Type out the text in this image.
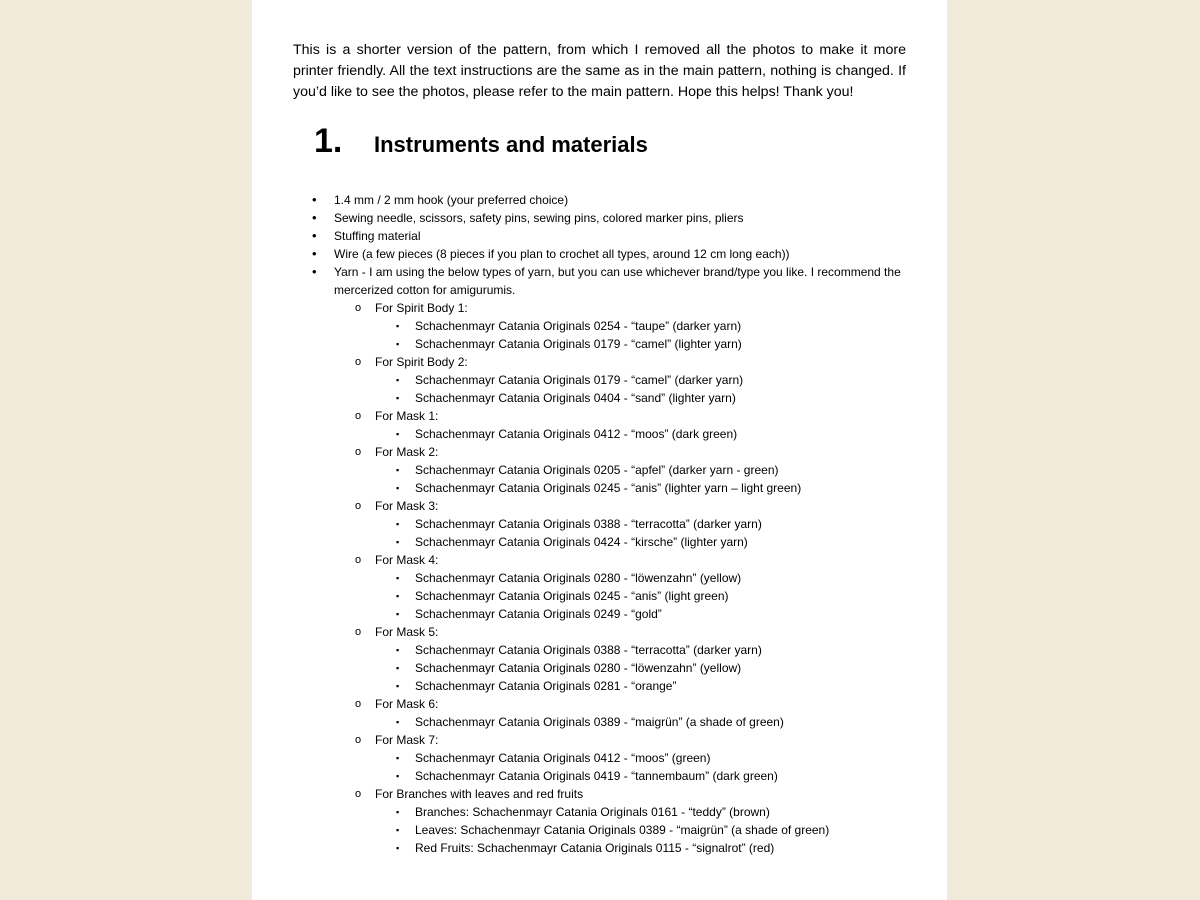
This is a shorter version of the pattern, from which I removed all the photos to make it more printer friendly. All the text instructions are the same as in the main pattern, nothing is changed. If you’d like to see the photos, please refer to the main pattern. Hope this helps! Thank you!

1.	Instruments and materials
• 1.4 mm / 2 mm hook (your preferred choice)
• Sewing needle, scissors, safety pins, sewing pins, colored marker pins, pliers
• Stuffing material
• Wire (a few pieces (8 pieces if you plan to crochet all types, around 12 cm long each))
• Yarn - I am using the below types of yarn, but you can use whichever brand/type you like. I recommend the mercerized cotton for amigurumis.
o For Spirit Body 1:
▪ Schachenmayr Catania Originals 0254 - “taupe” (darker yarn)
▪ Schachenmayr Catania Originals 0179 - “camel” (lighter yarn)
o For Spirit Body 2:
▪ Schachenmayr Catania Originals 0179 - “camel” (darker yarn)
▪ Schachenmayr Catania Originals 0404 - “sand” (lighter yarn)
o For Mask 1:
▪ Schachenmayr Catania Originals 0412 - “moos” (dark green)
o For Mask 2:
▪ Schachenmayr Catania Originals 0205 - “apfel” (darker yarn - green)
▪ Schachenmayr Catania Originals 0245 - “anis” (lighter yarn – light green)
o For Mask 3:
▪ Schachenmayr Catania Originals 0388 - “terracotta” (darker yarn)
▪ Schachenmayr Catania Originals 0424 - “kirsche” (lighter yarn)
o For Mask 4:
▪ Schachenmayr Catania Originals 0280 - “löwenzahn” (yellow)
▪ Schachenmayr Catania Originals 0245 - “anis” (light green)
▪ Schachenmayr Catania Originals 0249 - “gold”
o For Mask 5:
▪ Schachenmayr Catania Originals 0388 - “terracotta” (darker yarn)
▪ Schachenmayr Catania Originals 0280 - “löwenzahn” (yellow)
▪ Schachenmayr Catania Originals 0281 - “orange”
o For Mask 6:
▪ Schachenmayr Catania Originals 0389 - “maigrün” (a shade of green)
o For Mask 7:
▪ Schachenmayr Catania Originals 0412 - “moos” (green)
▪ Schachenmayr Catania Originals 0419 - “tannembaum” (dark green)
o For Branches with leaves and red fruits
▪ Branches: Schachenmayr Catania Originals 0161 - “teddy” (brown)
▪ Leaves: Schachenmayr Catania Originals 0389 - “maigrün” (a shade of green)
▪ Red Fruits: Schachenmayr Catania Originals 0115 - “signalrot” (red)
